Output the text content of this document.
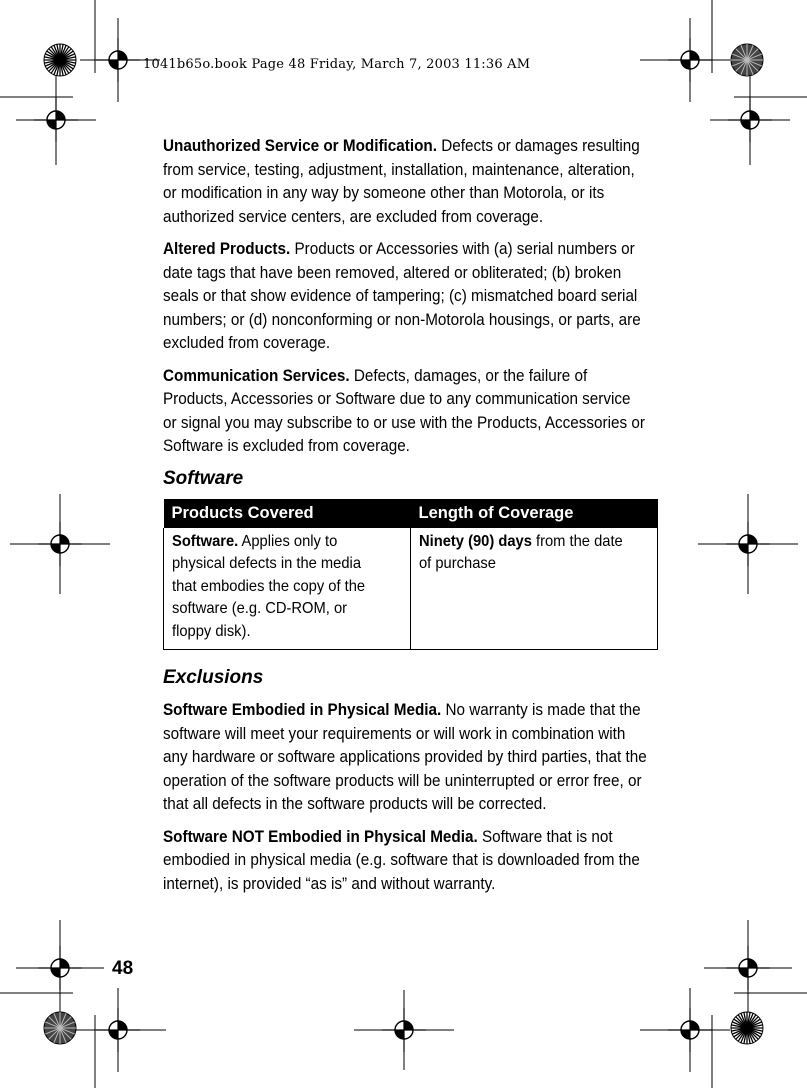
1041b65o.book Page 48 Friday, March 7, 2003 11:36 AM

Unauthorized Service or Modification. Defects or damages resulting from service, testing, adjustment, installation, maintenance, alteration, or modification in any way by someone other than Motorola, or its authorized service centers, are excluded from coverage.

Altered Products. Products or Accessories with (a) serial numbers or date tags that have been removed, altered or obliterated; (b) broken seals or that show evidence of tampering; (c) mismatched board serial numbers; or (d) nonconforming or non-Motorola housings, or parts, are excluded from coverage.

Communication Services. Defects, damages, or the failure of Products, Accessories or Software due to any communication service or signal you may subscribe to or use with the Products, Accessories or Software is excluded from coverage.

Software
Products Covered	Length of Coverage

Software. Applies only to physical defects in the media that embodies the copy of the software (e.g. CD-ROM, or floppy disk).	Ninety (90) days from the date of purchase
Exclusions

Software Embodied in Physical Media. No warranty is made that the software will meet your requirements or will work in combination with any hardware or software applications provided by third parties, that the operation of the software products will be uninterrupted or error free, or that all defects in the software products will be corrected.

Software NOT Embodied in Physical Media. Software that is not embodied in physical media (e.g. software that is downloaded from the internet), is provided “as is” and without warranty.

48
